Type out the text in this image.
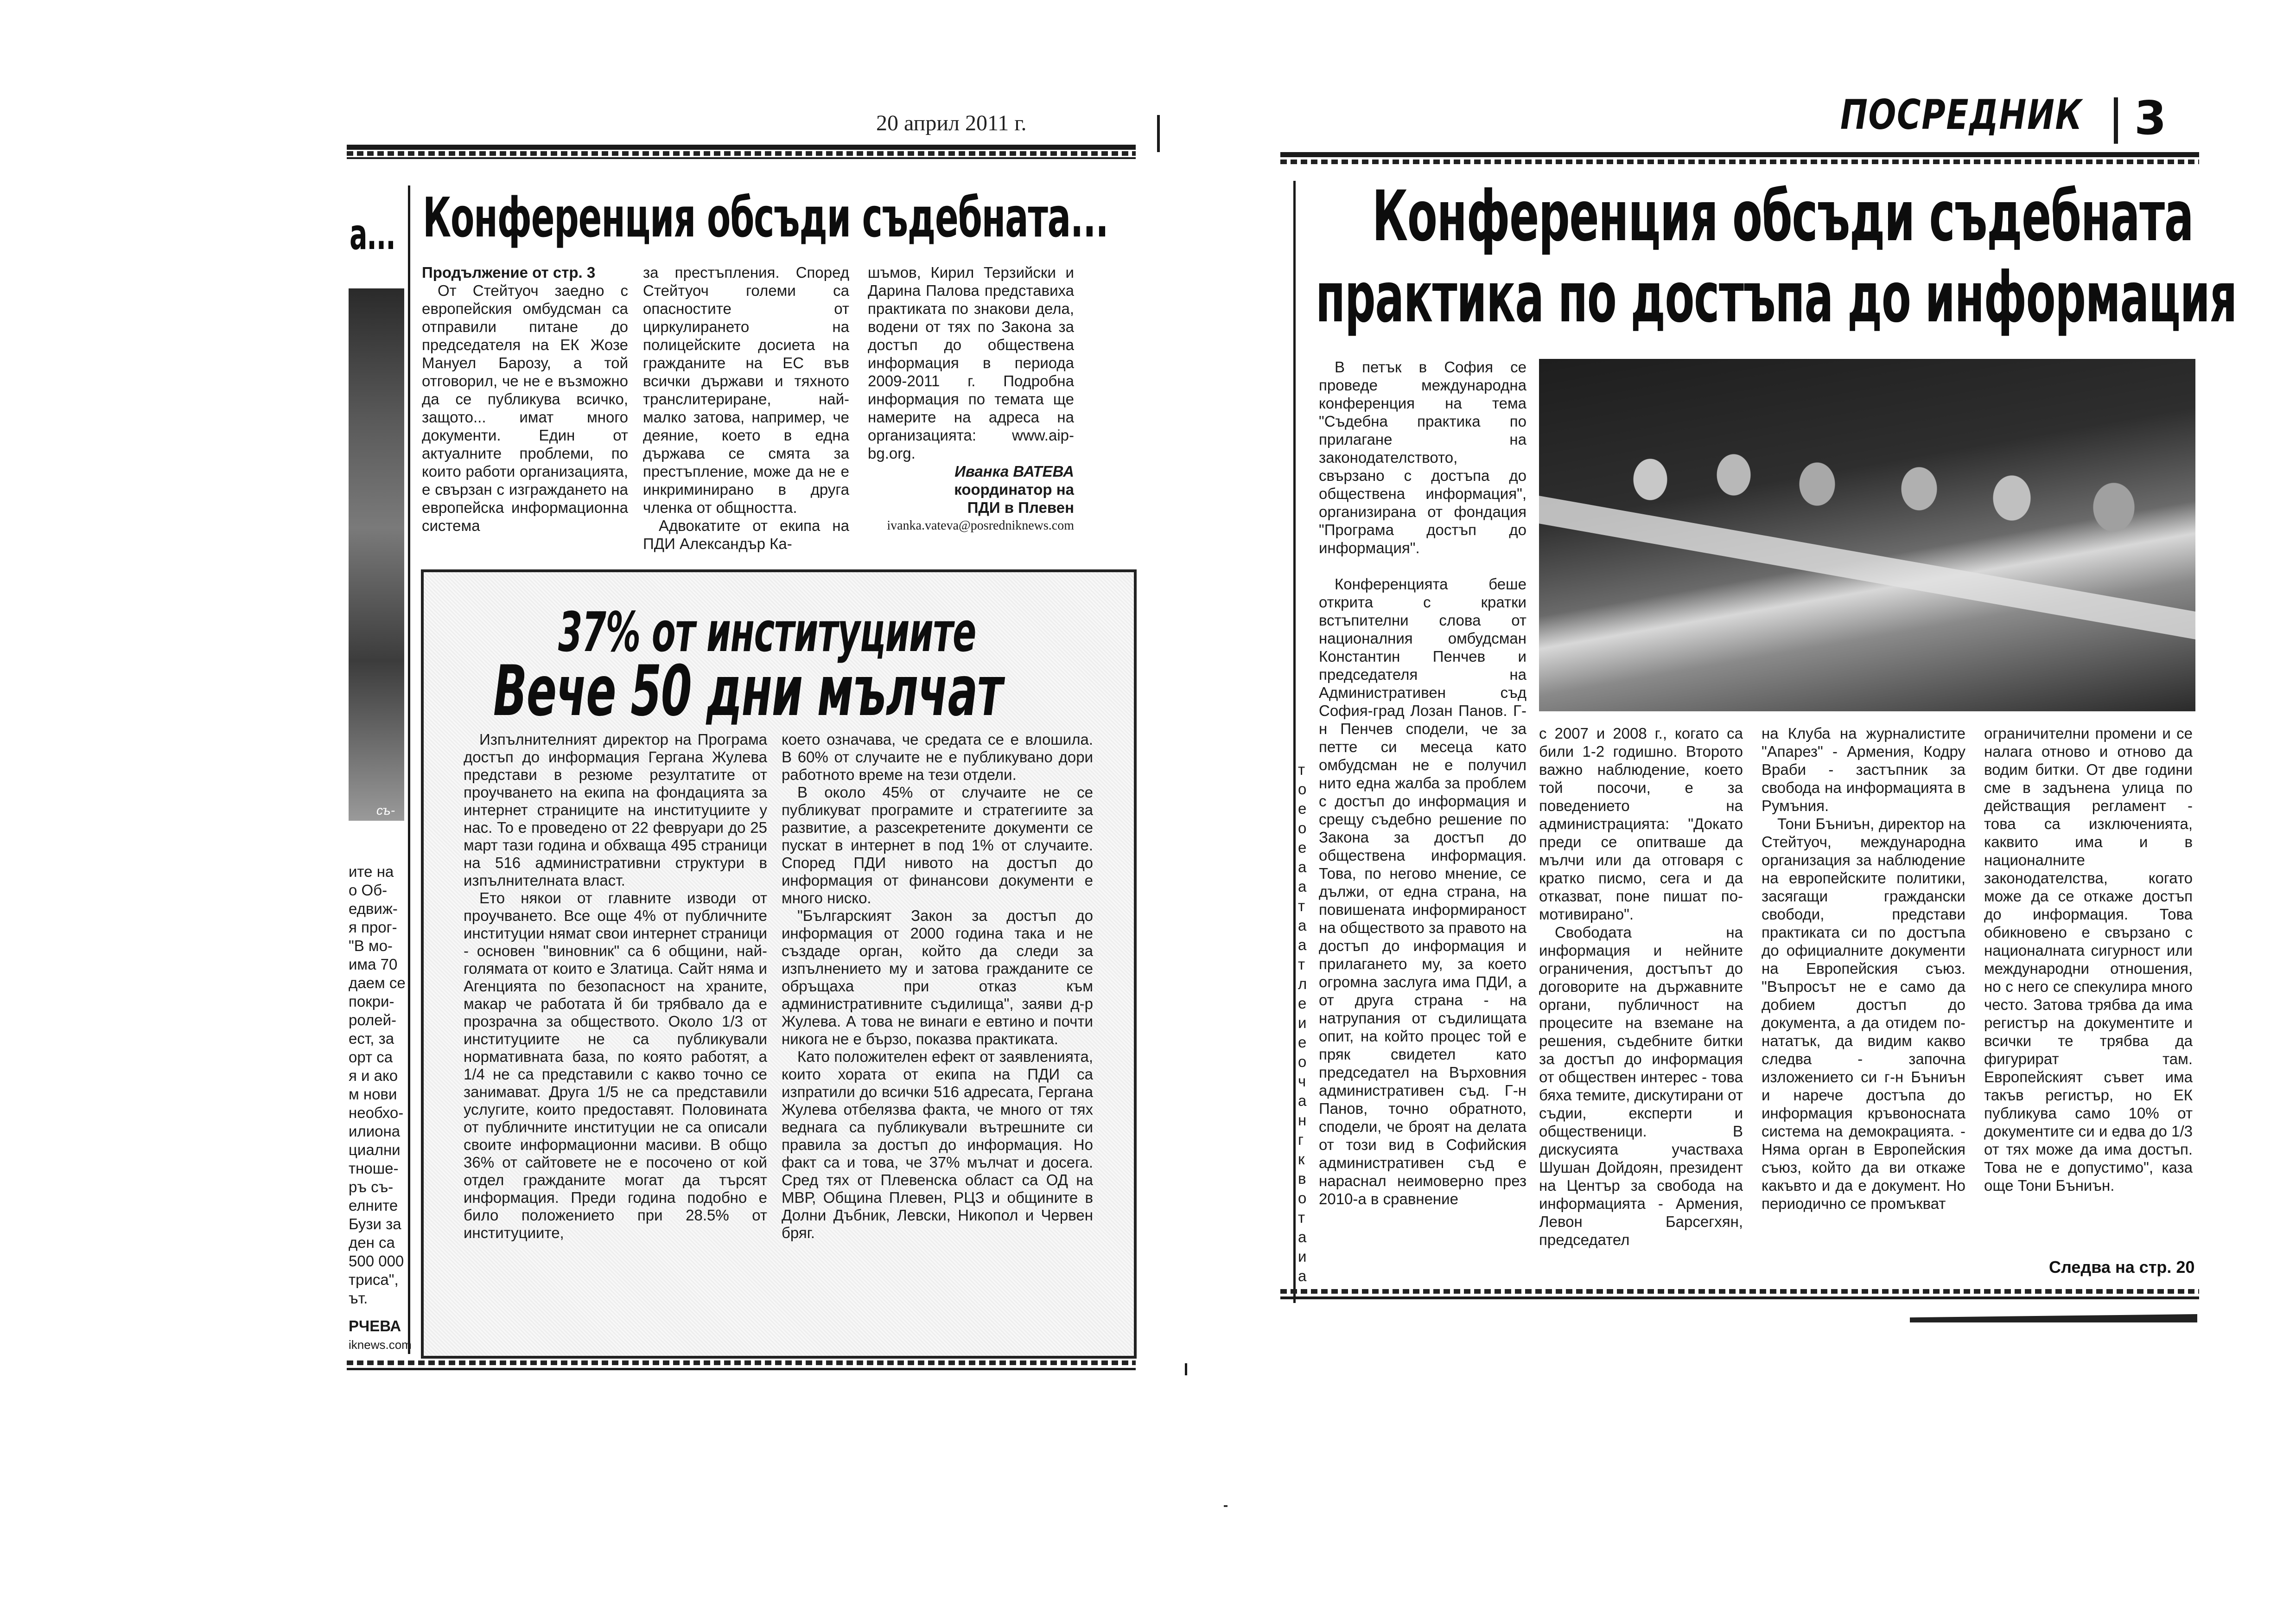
20 април 2011 г.
а... Конференция обсъди съдебната...

Продължение от стр. 3

От Стейтуоч заедно с европейския омбудсман са отправили питане до председателя на ЕК Жозе Мануел Барозу, а той отговорил, че не е възможно да се публикува всичко, защото... имат много документи. Един от актуалните проблеми, по които работи организацията, е свързан с изграждането на европейска информационна система

за престъпления. Според Стейтуоч големи са опасностите от циркулирането на полицейските досиета на гражданите на ЕС във всички държави и тяхното транслитериране, най-малко затова, например, че деяние, което в една държава се смята за престъпление, може да не е инкриминирано в друга членка от общността.

Адвокатите от екипа на ПДИ Александър Ка-

шъмов, Кирил Терзийски и Дарина Палова представиха практиката по знакови дела, водени от тях по Закона за достъп до обществена информация в периода 2009-2011 г. Подробна информация по темата ще намерите на адреса на организацията: www.aip-bg.org.

Иванка ВАТЕВА
координатор на
ПДИ в Плевен
ivanka.vateva@posredniknews.com
37% от институциите
Вече 50 дни мълчат

Изпълнителният директор на Програма достъп до информация Гергана Жулева представи в резюме резултатите от проучването на екипа на фондацията за интернет страниците на институциите у нас. То е проведено от 22 февруари до 25 март тази година и обхваща 495 страници на 516 административни структури в изпълнителната власт.

Ето някои от главните изводи от проучването. Все още 4% от публичните институции нямат свои интернет страници - основен "виновник" са 6 общини, най-голямата от които е Златица. Сайт няма и Агенцията по безопасност на храните, макар че работата й би трябвало да е прозрачна за обществото. Около 1/3 от институциите не са публикували нормативната база, по която работят, а 1/4 не са представили с какво точно се занимават. Друга 1/5 не са представили услугите, които предоставят. Половината от публичните институции не са описали своите информационни масиви. В общо 36% от сайтовете не е посочено от кой отдел гражданите могат да търсят информация. Преди година подобно е било положението при 28.5% от институциите,

което означава, че средата се е влошила. В 60% от случаите не е публикувано дори работното време на тези отдели.

В около 45% от случаите не се публикуват програмите и стратегиите за развитие, а разсекретените документи се пускат в интернет в под 1% от случаите. Според ПДИ нивото на достъп до информация от финансови документи е много ниско.

"Българският Закон за достъп до информация от 2000 година така и не създаде орган, който да следи за изпълнението му и затова гражданите се обръщаха при отказ към административните съдилища", заяви д-р Жулева. А това не винаги е евтино и почти никога не е бързо, показва практиката.

Като положителен ефект от заявленията, които хората от екипа на ПДИ са изпратили до всички 516 адресата, Гергана Жулева отбелязва факта, че много от тях веднага са публикували вътрешните си правила за достъп до информация. Но факт са и това, че 37% мълчат и досега. Сред тях от Плевенска област са ОД на МВР, Община Плевен, РЦЗ и общините в Долни Дъбник, Левски, Никопол и Червен бряг.

съ-
ите на
о Об-
едвиж-
я прог-
"В мо-
има 70
даем се
покри-
ролей-
ест, за
орт са
я и ако
м нови
необхо-
илиона
циални
тноше-
ръ съ-
елните
Бузи за
ден са
500 000
триса",
ът.
РЧЕВА
iknews.com
ПОСРЕДНИК 3
Конференция обсъди съдебната
практика по достъпа до информация

В петък в София се проведе международна конференция на тема "Съдебна практика по прилагане на законодателството, свързано с достъпа до обществена информация", организирана от фондация "Програма достъп до информация".

Конференцията беше открита с кратки встъпителни слова от националния омбудсман Константин Пенчев и председателя на Административен съд София-град Лозан Панов. Г-н Пенчев сподели, че за петте си месеца като омбудсман не е получил нито една жалба за проблем с достъп до информация и срещу съдебно решение по Закона за достъп до обществена информация. Това, по негово мнение, се дължи, от една страна, на повишената информираност на обществото за правото на достъп до информация и прилагането му, за което огромна заслуга има ПДИ, а от друга страна - на натрупания от съдилищата опит, на който процес той е пряк свидетел като председател на Върховния административен съд. Г-н Панов, точно обратното, сподели, че броят на делата от този вид в Софийския административен съд е нараснал неимоверно през 2010-а в сравнение

с 2007 и 2008 г., когато са били 1-2 годишно. Второто важно наблюдение, което той посочи, е за поведението на администрацията: "Докато преди се опитваше да мълчи или да отговаря с кратко писмо, сега и да отказват, поне пишат по-мотивирано".

Свободата на информация и нейните ограничения, достъпът до договорите на държавните органи, публичност на процесите на вземане на решения, съдебните битки за достъп до информация от обществен интерес - това бяха темите, дискутирани от съдии, експерти и общественици. В дискусията участваха Шушан Дойдоян, президент на Център за свобода на информацията - Армения, Левон Барсегхян, председател

на Клуба на журналистите "Апарез" - Армения, Кодру Враби - застъпник за свобода на информацията в Румъния.

Тони Бъниън, директор на Стейтуоч, международна организация за наблюдение на европейските политики, засягащи граждански свободи, представи практиката си по достъпа до официалните документи на Европейския съюз. "Въпросът не е само да добием достъп до документа, а да отидем по-нататък, да видим какво следва - започна изложението си г-н Бъниън и нарече достъпа до информация кръвоносната система на демокрацията. - Няма орган в Европейския съюз, който да ви откаже какъвто и да е документ. Но периодично се промъкват

ограничителни промени и се налага отново и отново да водим битки. От две години сме в задънена улица по действащия регламент - това са изключенията, каквито има и в националните законодателства, когато може да се откаже достъп до информация. Това обикновено е свързано с националната сигурност или международни отношения, но с него се спекулира много често. Затова трябва да има регистър на документите и всички те трябва да фигурират там. Европейският съвет има такъв регистър, но ЕК публикува само 10% от документите си и едва до 1/3 от тях може да има достъп. Това не е допустимо", каза още Тони Бъниън.

Следва на стр. 20
т
о
е
о
е
а
а
т
а
а
т
л
е
и
е
о
ч
а
н
г
к
в
о
т
а
и
а
